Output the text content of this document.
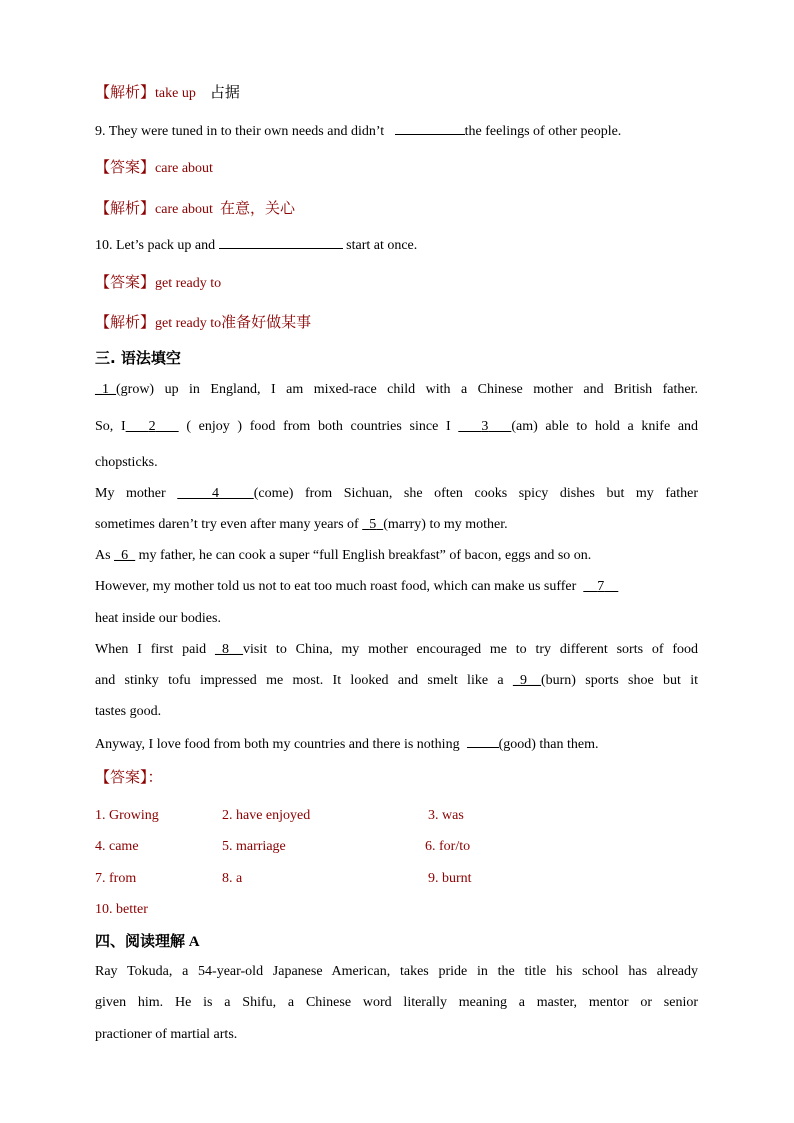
【解析】take up 占据
9. They were tuned in to their own needs and didn’t	the feelings of other people.
【答案】care about
【解析】care about 在意，关心
10. Let’s pack up and	start at once.
【答案】get ready to
【解析】get ready to准备好做某事
三. 语法填空
_1_(grow) up in England, I am mixed-race child with a Chinese mother and British father.
So, I 2 ( enjoy ) food from both countries since I 3 (am) able to hold a knife and
chopsticks.
My mother	4 (come) from Sichuan, she often cooks spicy dishes but my father
sometimes daren’t try even after many years of 5 (marry) to my mother.
As _6_ my father, he can cook a super “full English breakfast” of bacon, eggs and so on.
However, my mother told us not to eat too much roast food, which can make us suffer 7
heat inside our bodies.
When I first paid _8__visit to China, my mother encouraged me to try different sorts of food
and stinky tofu impressed me most. It looked and smelt like a _9__(burn) sports shoe but it
tastes good.
Anyway, I love food from both my countries and there is nothing	(good) than them.
【答案】：
1. Growing	2. have enjoyed	3. was
4. came	5. marriage	6. for/to
7. from	8. a	9. burnt
10. better
四、阅读理解 A
Ray Tokuda, a 54-year-old Japanese American, takes pride in the title his school has already
given him. He is a Shifu, a Chinese word literally meaning a master, mentor or senior
practioner of martial arts.
